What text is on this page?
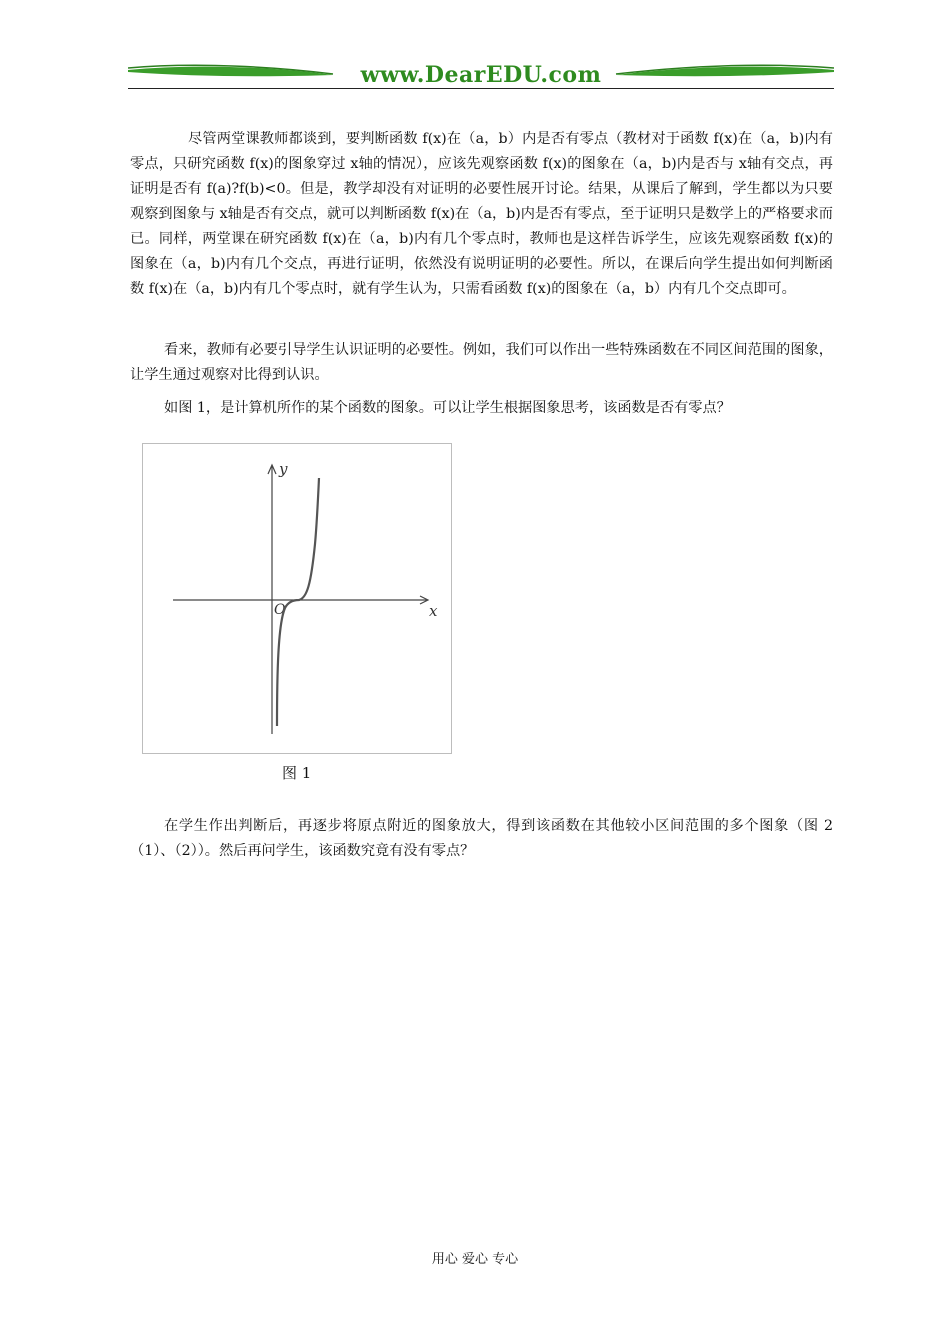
www.DearEDU.com
尽管两堂课教师都谈到，要判断函数 f(x)在（a，b）内是否有零点（教材对于函数 f(x)在（a，b)内有零点，只研究函数 f(x)的图象穿过 x轴的情况），应该先观察函数 f(x)的图象在（a，b)内是否与 x轴有交点，再证明是否有 f(a)?f(b)<0。但是，教学却没有对证明的必要性展开讨论。结果，从课后了解到，学生都以为只要观察到图象与 x轴是否有交点，就可以判断函数 f(x)在（a，b)内是否有零点，至于证明只是数学上的严格要求而已。同样，两堂课在研究函数 f(x)在（a，b)内有几个零点时，教师也是这样告诉学生，应该先观察函数 f(x)的图象在（a，b)内有几个交点，再进行证明，依然没有说明证明的必要性。所以，在课后向学生提出如何判断函数 f(x)在（a，b)内有几个零点时，就有学生认为，只需看函数 f(x)的图象在（a，b）内有几个交点即可。
看来，教师有必要引导学生认识证明的必要性。例如，我们可以作出一些特殊函数在不同区间范围的图象，让学生通过观察对比得到认识。
如图 1，是计算机所作的某个函数的图象。可以让学生根据图象思考，该函数是否有零点？
x
y
O
图 1
在学生作出判断后，再逐步将原点附近的图象放大，得到该函数在其他较小区间范围的多个图象（图 2（1）、（2））。然后再问学生，该函数究竟有没有零点？
用心 爱心 专心
